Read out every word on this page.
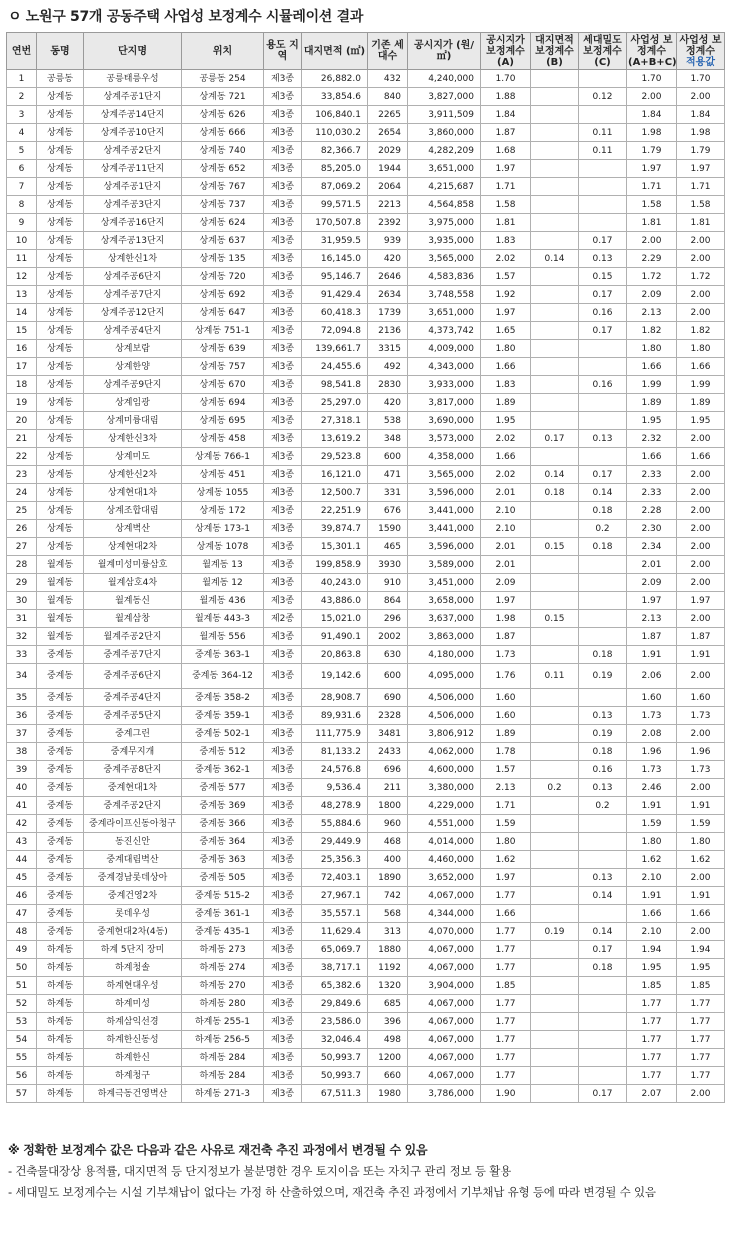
ㅇ 노원구 57개 공동주택 사업성 보정계수 시뮬레이션 결과
연번	동명	단지명	위치	용도 지역	대지면적 (㎡)	기존 세대수	공시지가 (원/㎡)	공시지가 보정계수 (A)	대지면적 보정계수 (B)	세대밀도 보정계수 (C)	사업성 보정계수 (A+B+C)	사업성 보정계수
적용값
1	공릉동	공릉태릉우성	공릉동 254	제3종	26,882.0	432	4,240,000	1.70			1.70	1.70
2	상계동	상계주공1단지	상계동 721	제3종	33,854.6	840	3,827,000	1.88		0.12	2.00	2.00
3	상계동	상계주공14단지	상계동 626	제3종	106,840.1	2265	3,911,509	1.84			1.84	1.84
4	상계동	상계주공10단지	상계동 666	제3종	110,030.2	2654	3,860,000	1.87		0.11	1.98	1.98
5	상계동	상계주공2단지	상계동 740	제3종	82,366.7	2029	4,282,209	1.68		0.11	1.79	1.79
6	상계동	상계주공11단지	상계동 652	제3종	85,205.0	1944	3,651,000	1.97			1.97	1.97
7	상계동	상계주공1단지	상계동 767	제3종	87,069.2	2064	4,215,687	1.71			1.71	1.71
8	상계동	상계주공3단지	상계동 737	제3종	99,571.5	2213	4,564,858	1.58			1.58	1.58
9	상계동	상계주공16단지	상계동 624	제3종	170,507.8	2392	3,975,000	1.81			1.81	1.81
10	상계동	상계주공13단지	상계동 637	제3종	31,959.5	939	3,935,000	1.83		0.17	2.00	2.00
11	상계동	상계한신1차	상계동 135	제3종	16,145.0	420	3,565,000	2.02	0.14	0.13	2.29	2.00
12	상계동	상계주공6단지	상계동 720	제3종	95,146.7	2646	4,583,836	1.57		0.15	1.72	1.72
13	상계동	상계주공7단지	상계동 692	제3종	91,429.4	2634	3,748,558	1.92		0.17	2.09	2.00
14	상계동	상계주공12단지	상계동 647	제3종	60,418.3	1739	3,651,000	1.97		0.16	2.13	2.00
15	상계동	상계주공4단지	상계동 751-1	제3종	72,094.8	2136	4,373,742	1.65		0.17	1.82	1.82
16	상계동	상계보람	상계동 639	제3종	139,661.7	3315	4,009,000	1.80			1.80	1.80
17	상계동	상계한양	상계동 757	제3종	24,455.6	492	4,343,000	1.66			1.66	1.66
18	상계동	상계주공9단지	상계동 670	제3종	98,541.8	2830	3,933,000	1.83		0.16	1.99	1.99
19	상계동	상계임광	상계동 694	제3종	25,297.0	420	3,817,000	1.89			1.89	1.89
20	상계동	상계미륭대림	상계동 695	제3종	27,318.1	538	3,690,000	1.95			1.95	1.95
21	상계동	상계한신3차	상계동 458	제3종	13,619.2	348	3,573,000	2.02	0.17	0.13	2.32	2.00
22	상계동	상계미도	상계동 766-1	제3종	29,523.8	600	4,358,000	1.66			1.66	1.66
23	상계동	상계한신2차	상계동 451	제3종	16,121.0	471	3,565,000	2.02	0.14	0.17	2.33	2.00
24	상계동	상계현대1차	상계동 1055	제3종	12,500.7	331	3,596,000	2.01	0.18	0.14	2.33	2.00
25	상계동	상계조합대림	상계동 172	제3종	22,251.9	676	3,441,000	2.10		0.18	2.28	2.00
26	상계동	상계벽산	상계동 173-1	제3종	39,874.7	1590	3,441,000	2.10		0.2	2.30	2.00
27	상계동	상계현대2차	상계동 1078	제3종	15,301.1	465	3,596,000	2.01	0.15	0.18	2.34	2.00
28	월계동	월계미성미륭삼호	월계동 13	제3종	199,858.9	3930	3,589,000	2.01			2.01	2.00
29	월계동	월계삼호4차	월계동 12	제3종	40,243.0	910	3,451,000	2.09			2.09	2.00
30	월계동	월계동신	월계동 436	제3종	43,886.0	864	3,658,000	1.97			1.97	1.97
31	월계동	월계삼창	월계동 443-3	제2종	15,021.0	296	3,637,000	1.98	0.15		2.13	2.00
32	월계동	월계주공2단지	월계동 556	제3종	91,490.1	2002	3,863,000	1.87			1.87	1.87
33	중계동	중계주공7단지	중계동 363-1	제3종	20,863.8	630	4,180,000	1.73		0.18	1.91	1.91
34	중계동	중계주공6단지	중계동 364-12	제3종	19,142.6	600	4,095,000	1.76	0.11	0.19	2.06	2.00
35	중계동	중계주공4단지	중계동 358-2	제3종	28,908.7	690	4,506,000	1.60			1.60	1.60
36	중계동	중계주공5단지	중계동 359-1	제3종	89,931.6	2328	4,506,000	1.60		0.13	1.73	1.73
37	중계동	중계그린	중계동 502-1	제3종	111,775.9	3481	3,806,912	1.89		0.19	2.08	2.00
38	중계동	중계무지개	중계동 512	제3종	81,133.2	2433	4,062,000	1.78		0.18	1.96	1.96
39	중계동	중계주공8단지	중계동 362-1	제3종	24,576.8	696	4,600,000	1.57		0.16	1.73	1.73
40	중계동	중계현대1차	중계동 577	제3종	9,536.4	211	3,380,000	2.13	0.2	0.13	2.46	2.00
41	중계동	중계주공2단지	중계동 369	제3종	48,278.9	1800	4,229,000	1.71		0.2	1.91	1.91
42	중계동	중계라이프신동아청구	중계동 366	제3종	55,884.6	960	4,551,000	1.59			1.59	1.59
43	중계동	동진신안	중계동 364	제3종	29,449.9	468	4,014,000	1.80			1.80	1.80
44	중계동	중계대림벽산	중계동 363	제3종	25,356.3	400	4,460,000	1.62			1.62	1.62
45	중계동	중계경남롯데상아	중계동 505	제3종	72,403.1	1890	3,652,000	1.97		0.13	2.10	2.00
46	중계동	중계건영2차	중계동 515-2	제3종	27,967.1	742	4,067,000	1.77		0.14	1.91	1.91
47	중계동	롯데우성	중계동 361-1	제3종	35,557.1	568	4,344,000	1.66			1.66	1.66
48	중계동	중계현대2차(4동)	중계동 435-1	제3종	11,629.4	313	4,070,000	1.77	0.19	0.14	2.10	2.00
49	하계동	하계 5단지 장미	하계동 273	제3종	65,069.7	1880	4,067,000	1.77		0.17	1.94	1.94
50	하계동	하계청솔	하계동 274	제3종	38,717.1	1192	4,067,000	1.77		0.18	1.95	1.95
51	하계동	하계현대우성	하계동 270	제3종	65,382.6	1320	3,904,000	1.85			1.85	1.85
52	하계동	하계미성	하계동 280	제3종	29,849.6	685	4,067,000	1.77			1.77	1.77
53	하계동	하계삼익선경	하계동 255-1	제3종	23,586.0	396	4,067,000	1.77			1.77	1.77
54	하계동	하계한신동성	하계동 256-5	제3종	32,046.4	498	4,067,000	1.77			1.77	1.77
55	하계동	하계한신	하계동 284	제3종	50,993.7	1200	4,067,000	1.77			1.77	1.77
56	하계동	하계청구	하계동 284	제3종	50,993.7	660	4,067,000	1.77			1.77	1.77
57	하계동	하계극동건영벽산	하계동 271-3	제3종	67,511.3	1980	3,786,000	1.90		0.17	2.07	2.00
※ 정확한 보정계수 값은 다음과 같은 사유로 재건축 추진 과정에서 변경될 수 있음
- 건축물대장상 용적률, 대지면적 등 단지정보가 불분명한 경우 토지이음 또는 자치구 관리 정보 등 활용
- 세대밀도 보정계수는 시설 기부채납이 없다는 가정 하 산출하였으며, 재건축 추진 과정에서 기부채납 유형 등에 따라 변경될 수 있음
